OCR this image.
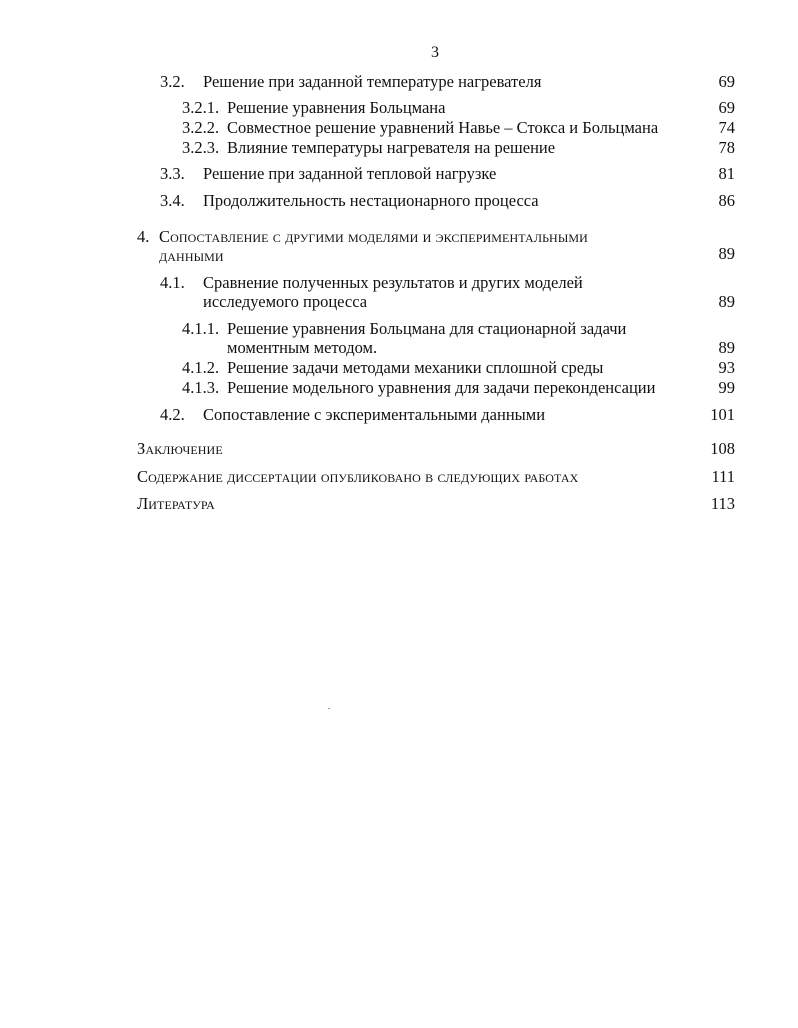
3
3.2. Решение при заданной температуре нагревателя	69
3.2.1. Решение уравнения Больцмана	69
3.2.2. Совместное решение уравнений Навье – Стокса и Больцмана	74
3.2.3. Влияние температуры нагревателя на решение	78
3.3. Решение при заданной тепловой нагрузке	81
3.4. Продолжительность нестационарного процесса	86
4. Сопоставление с другими моделями и экспериментальными
данными	89
4.1. Сравнение полученных результатов и других моделей
исследуемого процесса	89
4.1.1. Решение уравнения Больцмана для стационарной задачи
моментным методом.	89
4.1.2. Решение задачи методами механики сплошной среды	93
4.1.3. Решение модельного уравнения для задачи переконденсации	99
4.2. Сопоставление с экспериментальными данными	101
Заключение	108
Содержание диссертации опубликовано в следующих работах	111
Литература	113
